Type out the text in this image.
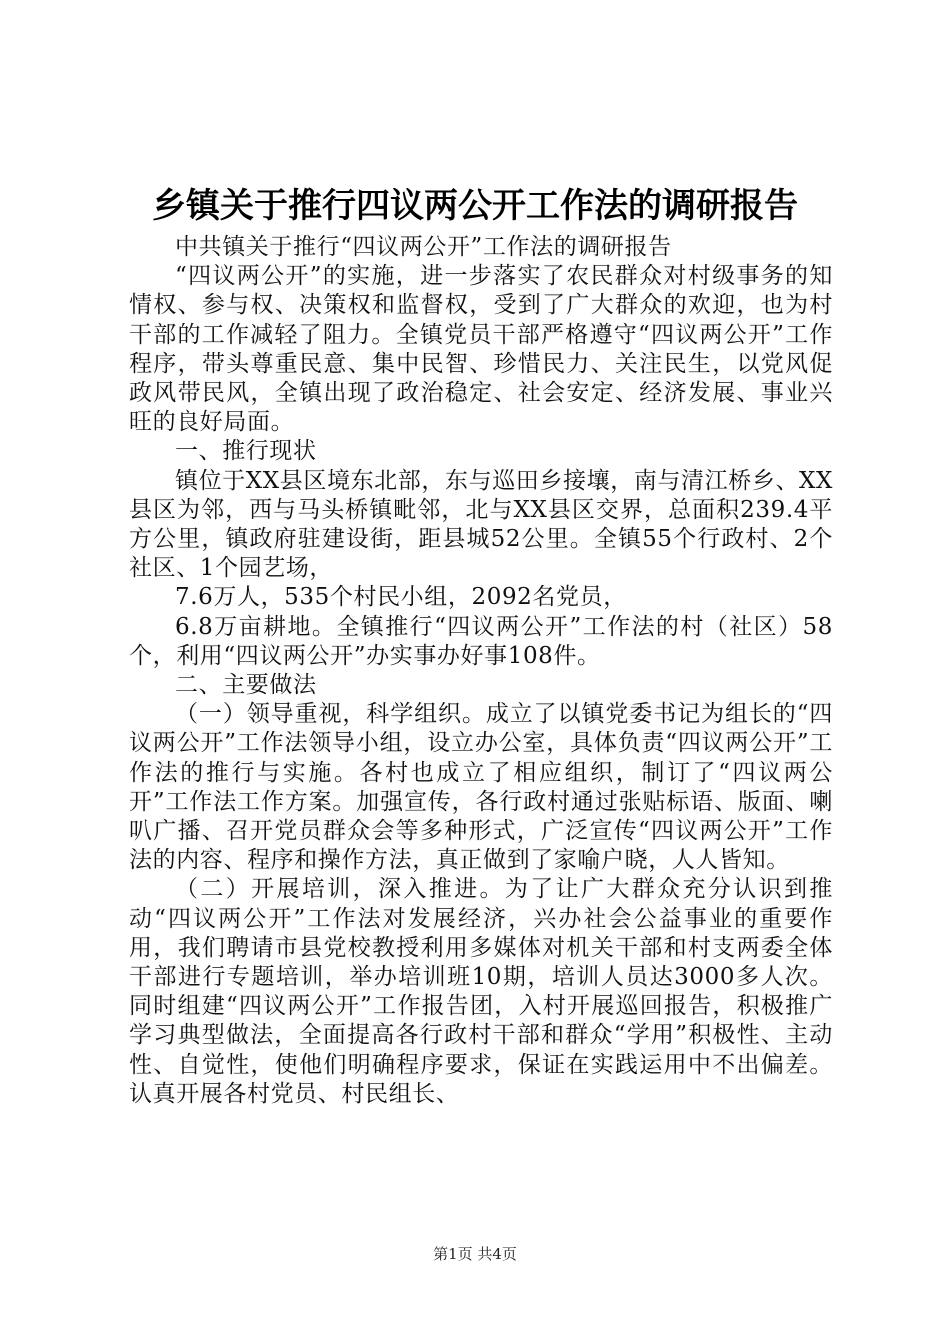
乡镇关于推行四议两公开工作法的调研报告

中共镇关于推行“四议两公开”工作法的调研报告

“四议两公开”的实施，进一步落实了农民群众对村级事务的知情权、参与权、决策权和监督权，受到了广大群众的欢迎，也为村干部的工作减轻了阻力。全镇党员干部严格遵守“四议两公开”工作程序，带头尊重民意、集中民智、珍惜民力、关注民生，以党风促政风带民风，全镇出现了政治稳定、社会安定、经济发展、事业兴旺的良好局面。

一、推行现状

镇位于XX县区境东北部，东与巡田乡接壤，南与清江桥乡、XX县区为邻，西与马头桥镇毗邻，北与XX县区交界，总面积239.4平方公里，镇政府驻建设街，距县城52公里。全镇55个行政村、2个社区、1个园艺场，

7.6万人，535个村民小组，2092名党员，

6.8万亩耕地。全镇推行“四议两公开”工作法的村（社区）58个，利用“四议两公开”办实事办好事108件。

二、主要做法

（一）领导重视，科学组织。成立了以镇党委书记为组长的“四议两公开”工作法领导小组，设立办公室，具体负责“四议两公开”工作法的推行与实施。各村也成立了相应组织，制订了“四议两公开”工作法工作方案。加强宣传，各行政村通过张贴标语、版面、喇叭广播、召开党员群众会等多种形式，广泛宣传“四议两公开”工作法的内容、程序和操作方法，真正做到了家喻户晓，人人皆知。

（二）开展培训，深入推进。为了让广大群众充分认识到推动“四议两公开”工作法对发展经济，兴办社会公益事业的重要作用，我们聘请市县党校教授利用多媒体对机关干部和村支两委全体干部进行专题培训，举办培训班10期，培训人员达3000多人次。同时组建“四议两公开”工作报告团，入村开展巡回报告，积极推广学习典型做法，全面提高各行政村干部和群众“学用”积极性、主动性、自觉性，使他们明确程序要求，保证在实践运用中不出偏差。认真开展各村党员、村民组长、

第1页 共4页
